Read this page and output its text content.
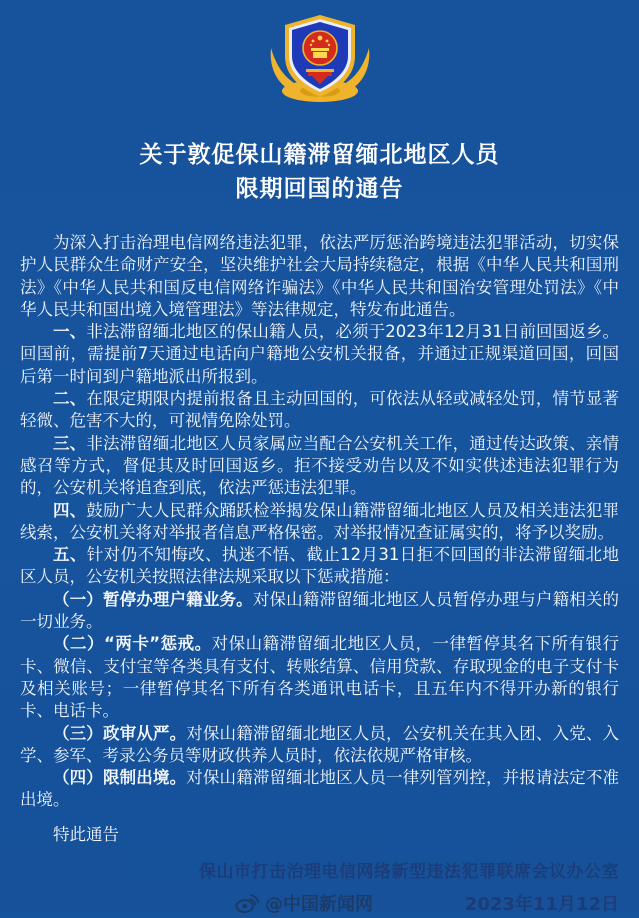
关于敦促保山籍滞留缅北地区人员
限期回国的通告

为深入打击治理电信网络违法犯罪，依法严厉惩治跨境违法犯罪活动，切实保护人民群众生命财产安全，坚决维护社会大局持续稳定，根据《中华人民共和国刑法》《中华人民共和国反电信网络诈骗法》《中华人民共和国治安管理处罚法》《中华人民共和国出境入境管理法》等法律规定，特发布此通告。

一、非法滞留缅北地区的保山籍人员，必须于2023年12月31日前回国返乡。回国前，需提前7天通过电话向户籍地公安机关报备，并通过正规渠道回国，回国后第一时间到户籍地派出所报到。

二、在限定期限内提前报备且主动回国的，可依法从轻或减轻处罚，情节显著轻微、危害不大的，可视情免除处罚。

三、非法滞留缅北地区人员家属应当配合公安机关工作，通过传达政策、亲情感召等方式，督促其及时回国返乡。拒不接受劝告以及不如实供述违法犯罪行为的，公安机关将追查到底，依法严惩违法犯罪。

四、鼓励广大人民群众踊跃检举揭发保山籍滞留缅北地区人员及相关违法犯罪线索，公安机关将对举报者信息严格保密。对举报情况查证属实的，将予以奖励。

五、针对仍不知悔改、执迷不悟、截止12月31日拒不回国的非法滞留缅北地区人员，公安机关按照法律法规采取以下惩戒措施：

（一）暂停办理户籍业务。对保山籍滞留缅北地区人员暂停办理与户籍相关的一切业务。

（二）“两卡”惩戒。对保山籍滞留缅北地区人员，一律暂停其名下所有银行卡、微信、支付宝等各类具有支付、转账结算、信用贷款、存取现金的电子支付卡及相关账号；一律暂停其名下所有各类通讯电话卡，且五年内不得开办新的银行卡、电话卡。

（三）政审从严。对保山籍滞留缅北地区人员，公安机关在其入团、入党、入学、参军、考录公务员等财政供养人员时，依法依规严格审核。

（四）限制出境。对保山籍滞留缅北地区人员一律列管列控，并报请法定不准出境。

特此通告
保山市打击治理电信网络新型违法犯罪联席会议办公室
@中国新闻网	2023年11月12日
